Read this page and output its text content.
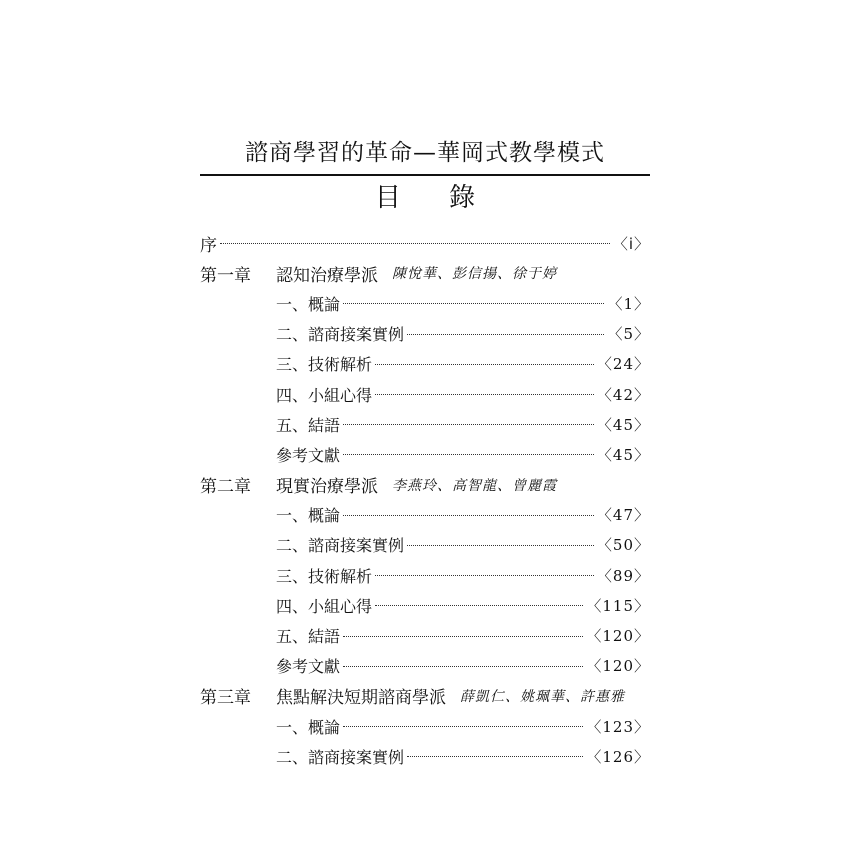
諮商學習的革命—華岡式教學模式
目 錄
序	〈i〉
第一章	認知治療學派 陳悅華、彭信揚、徐于婷
一、概論	〈1〉
二、諮商接案實例	〈5〉
三、技術解析	〈24〉
四、小組心得	〈42〉
五、結語	〈45〉
參考文獻	〈45〉
第二章	現實治療學派 李燕玲、高智龍、曾麗霞
一、概論	〈47〉
二、諮商接案實例	〈50〉
三、技術解析	〈89〉
四、小組心得	〈115〉
五、結語	〈120〉
參考文獻	〈120〉
第三章	焦點解決短期諮商學派 薛凱仁、姚珮華、許惠雅
一、概論	〈123〉
二、諮商接案實例	〈126〉
